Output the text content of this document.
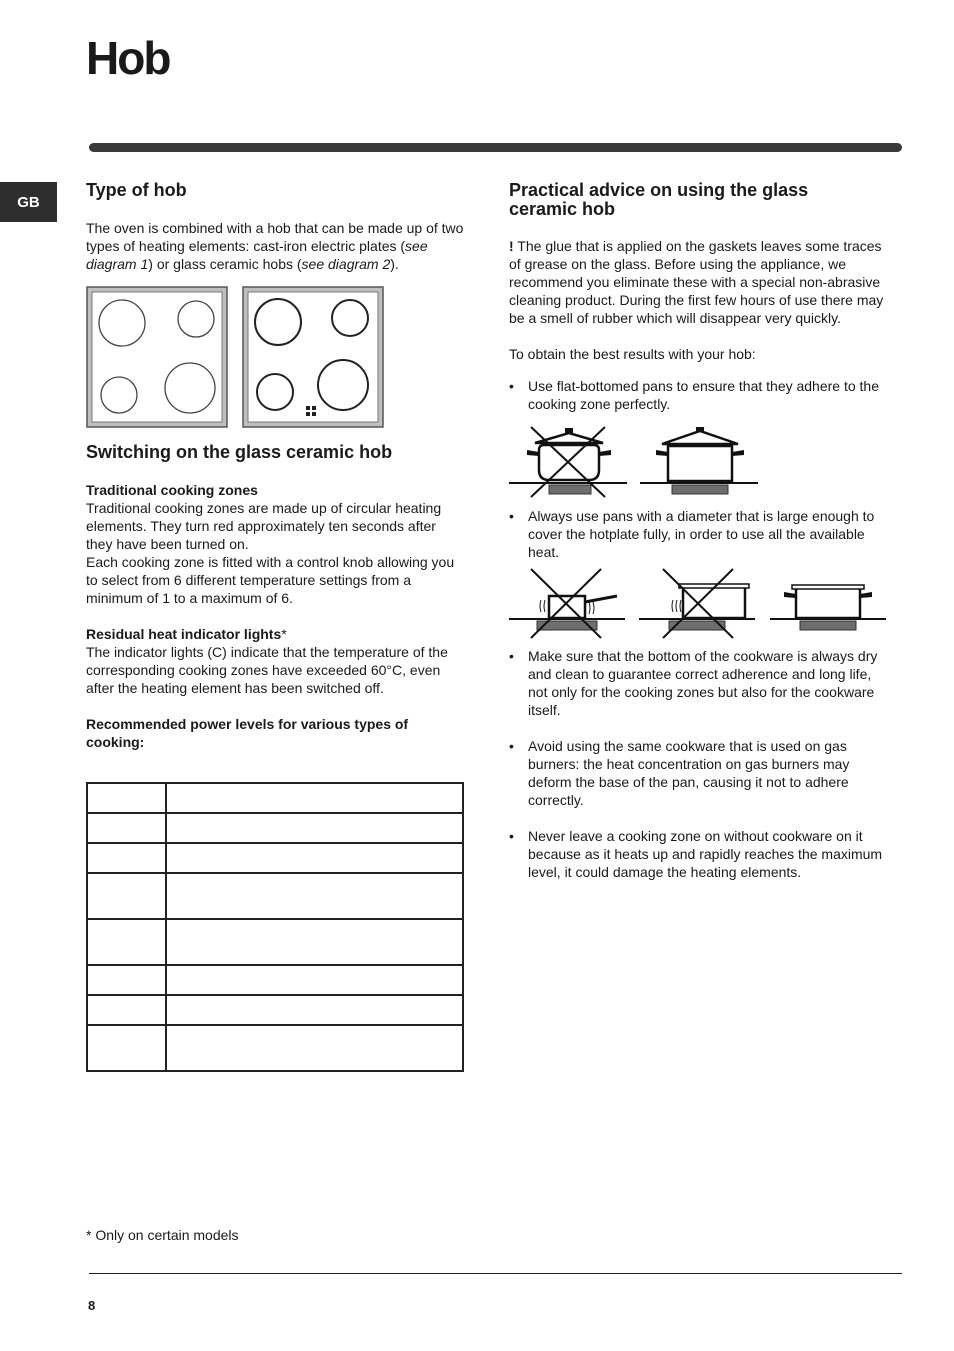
Hob
GB
Type of hob

The oven is combined with a hob that can be made up of two types of heating elements: cast-iron electric plates (see diagram 1) or glass ceramic hobs (see diagram 2).

Switching on the glass ceramic hob

Traditional cooking zones

Traditional cooking zones are made up of circular heating elements. They turn red approximately ten seconds after they have been turned on.

Each cooking zone is fitted with a control knob allowing you to select from 6 different temperature settings from a minimum of 1 to a maximum of 6.

Residual heat indicator lights*

The indicator lights (C) indicate that the temperature of the corresponding cooking zones have exceeded 60°C, even after the heating element has been switched off.

Recommended power levels for various types of cooking:

Practical advice on using the glass ceramic hob

! The glue that is applied on the gaskets leaves some traces of grease on the glass. Before using the appliance, we recommend you eliminate these with a special non-abrasive cleaning product. During the first few hours of use there may be a smell of rubber which will disappear very quickly.

To obtain the best results with your hob:

• Use flat-bottomed pans to ensure that they adhere to the cooking zone perfectly.
• Always use pans with a diameter that is large enough to cover the hotplate fully, in order to use all the available heat.
• Make sure that the bottom of the cookware is always dry and clean to guarantee correct adherence and long life, not only for the cooking zones but also for the cookware itself.
• Avoid using the same cookware that is used on gas burners: the heat concentration on gas burners may deform the base of the pan, causing it not to adhere correctly.
• Never leave a cooking zone on without cookware on it because as it heats up and rapidly reaches the maximum level, it could damage the heating elements.
* Only on certain models
8
